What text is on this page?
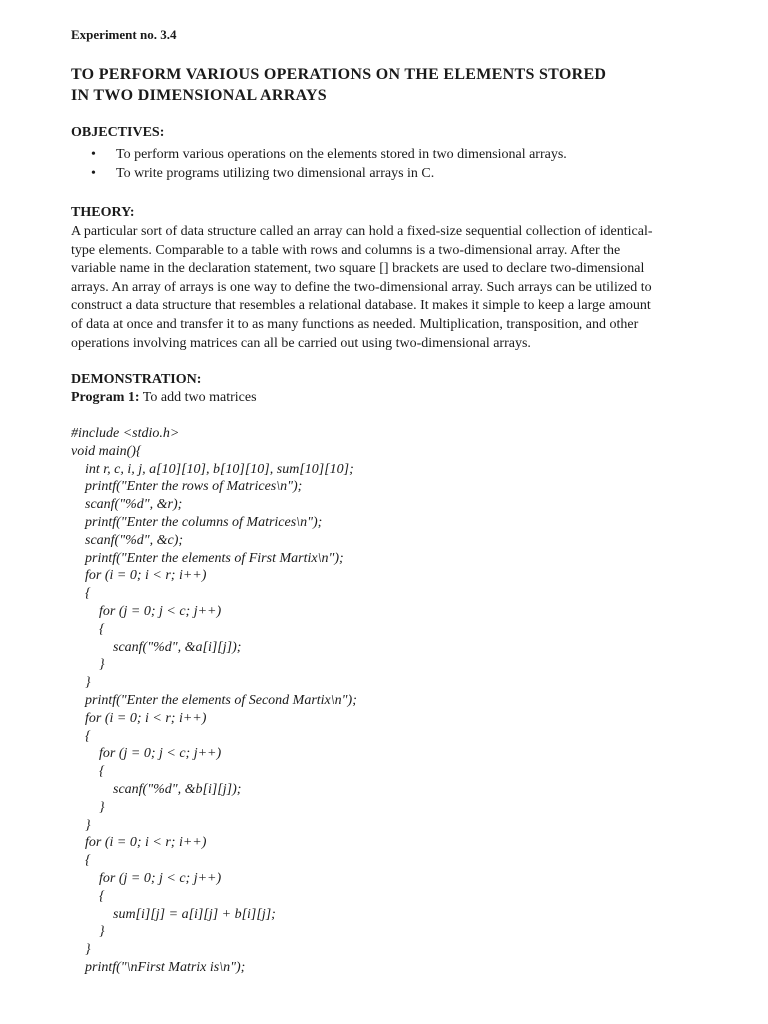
Experiment no. 3.4
TO PERFORM VARIOUS OPERATIONS ON THE ELEMENTS STORED
IN TWO DIMENSIONAL ARRAYS
OBJECTIVES:
• To perform various operations on the elements stored in two dimensional arrays.
• To write programs utilizing two dimensional arrays in C.
THEORY:
A particular sort of data structure called an array can hold a fixed-size sequential collection of identical-
type elements. Comparable to a table with rows and columns is a two-dimensional array. After the
variable name in the declaration statement, two square [] brackets are used to declare two-dimensional
arrays. An array of arrays is one way to define the two-dimensional array. Such arrays can be utilized to
construct a data structure that resembles a relational database. It makes it simple to keep a large amount
of data at once and transfer it to as many functions as needed. Multiplication, transposition, and other
operations involving matrices can all be carried out using two-dimensional arrays.
DEMONSTRATION:
Program 1: To add two matrices
#include <stdio.h>
void main(){
int r, c, i, j, a[10][10], b[10][10], sum[10][10];
printf("Enter the rows of Matrices\n");
scanf("%d", &r);
printf("Enter the columns of Matrices\n");
scanf("%d", &c);
printf("Enter the elements of First Martix\n");
for (i = 0; i < r; i++)
{
for (j = 0; j < c; j++)
{
scanf("%d", &a[i][j]);
}
}
printf("Enter the elements of Second Martix\n");
for (i = 0; i < r; i++)
{
for (j = 0; j < c; j++)
{
scanf("%d", &b[i][j]);
}
}
for (i = 0; i < r; i++)
{
for (j = 0; j < c; j++)
{
sum[i][j] = a[i][j] + b[i][j];
}
}
printf("\nFirst Matrix is\n");
